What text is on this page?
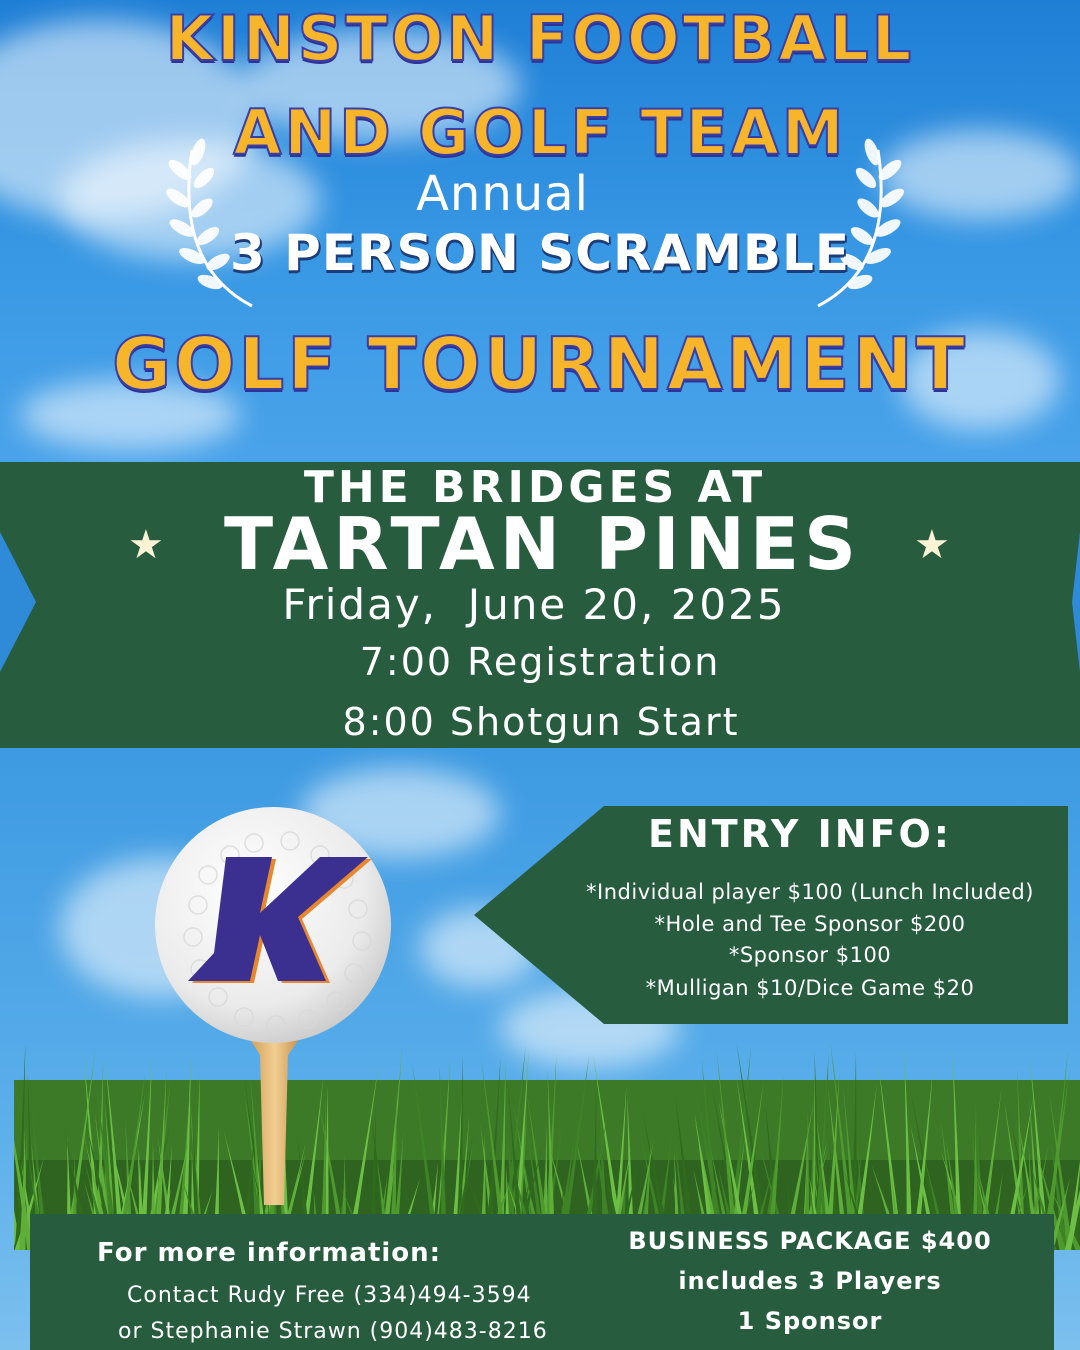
KINSTON FOOTBALL
AND GOLF TEAM
Annual
3 PERSON SCRAMBLE
GOLF TOURNAMENT
THE BRIDGES AT
★ TARTAN PINES	★
Friday,  June 20, 2025
7:00 Registration
8:00 Shotgun Start
ENTRY INFO:
*Individual player $100 (Lunch Included)
*Hole and Tee Sponsor $200
*Sponsor $100
*Mulligan $10/Dice Game $20
For more information:
Contact Rudy Free (334)494-3594
or Stephanie Strawn (904)483-8216
BUSINESS PACKAGE $400
includes 3 Players
1 Sponsor
